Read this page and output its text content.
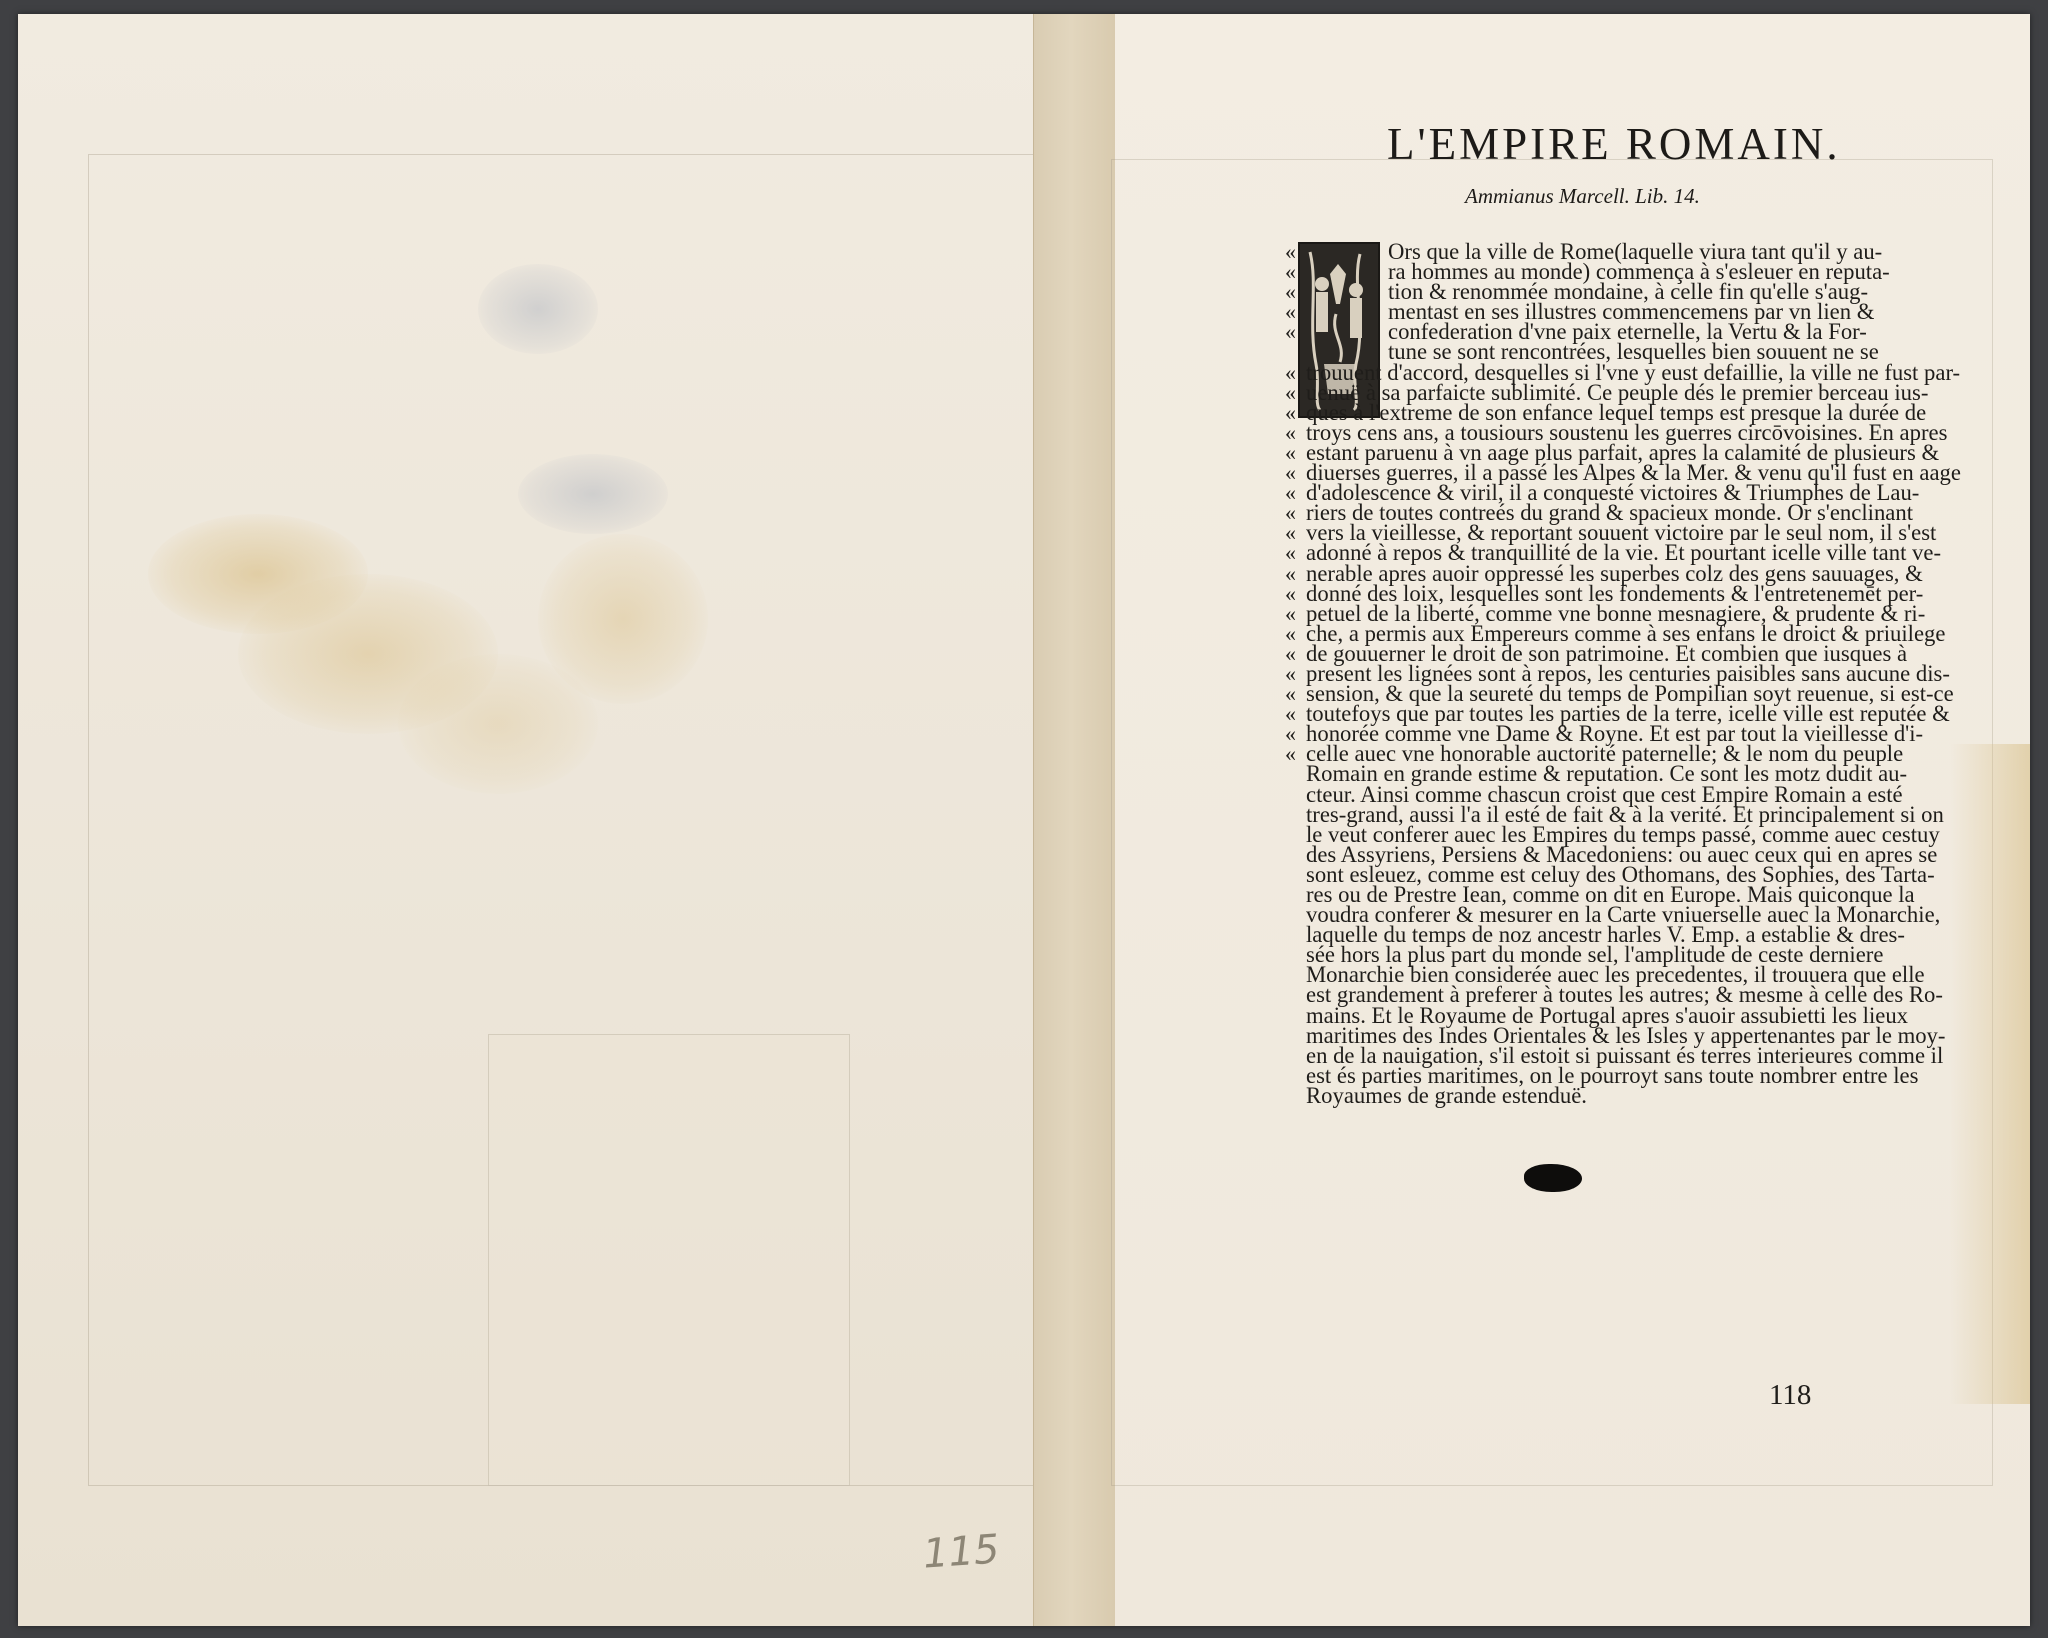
115
L'EMPIRE ROMAIN.
Ammianus Marcell. Lib. 14.
«
«
«
«
«
«
«
«
«
«
«
«
«
«
«
«
«
«
«
«
«
«
«
«
«
Ors que la ville de Rome(laquelle viura tant qu'il y au-
ra hommes au monde) commença à s'esleuer en reputa-
tion & renommée mondaine, à celle fin qu'elle s'aug-
mentast en ses illustres commencemens par vn lien &
confederation d'vne paix eternelle, la Vertu & la For-
tune se sont rencontrées, lesquelles bien souuent ne se
trouuent d'accord, desquelles si l'vne y eust defaillie, la ville ne fust par-
uenuë à sa parfaicte sublimité. Ce peuple dés le premier berceau ius-
ques à l'extreme de son enfance lequel temps est presque la durée de
troys cens ans, a tousiours soustenu les guerres circōvoisines. En apres
estant paruenu à vn aage plus parfait, apres la calamité de plusieurs &
diuerses guerres, il a passé les Alpes & la Mer. & venu qu'il fust en aage
d'adolescence & viril, il a conquesté victoires & Triumphes de Lau-
riers de toutes contreés du grand & spacieux monde. Or s'enclinant
vers la vieillesse, & reportant souuent victoire par le seul nom, il s'est
adonné à repos & tranquillité de la vie. Et pourtant icelle ville tant ve-
nerable apres auoir oppressé les superbes colz des gens sauuages, &
donné des loix, lesquelles sont les fondements & l'entretenemēt per-
petuel de la liberté, comme vne bonne mesnagiere, & prudente & ri-
che, a permis aux Empereurs comme à ses enfans le droict & priuilege
de gouuerner le droit de son patrimoine. Et combien que iusques à
present les lignées sont à repos, les centuries paisibles sans aucune dis-
sension, & que la seureté du temps de Pompilian soyt reuenue, si est-ce
toutefoys que par toutes les parties de la terre, icelle ville est reputée &
honorée comme vne Dame & Royne. Et est par tout la vieillesse d'i-
celle auec vne honorable auctorité paternelle; & le nom du peuple
Romain en grande estime & reputation. Ce sont les motz dudit au-
cteur. Ainsi comme chascun croist que cest Empire Romain a esté
tres-grand, aussi l'a il esté de fait & à la verité. Et principalement si on
le veut conferer auec les Empires du temps passé, comme auec cestuy
des Assyriens, Persiens & Macedoniens: ou auec ceux qui en apres se
sont esleuez, comme est celuy des Othomans, des Sophies, des Tarta-
res ou de Prestre Iean, comme on dit en Europe. Mais quiconque la
voudra conferer & mesurer en la Carte vniuerselle auec la Monarchie,
laquelle du temps de noz ancestr harles V. Emp. a establie & dres-
sée hors la plus part du monde sel, l'amplitude de ceste derniere
Monarchie bien considerée auec les precedentes, il trouuera que elle
est grandement à preferer à toutes les autres; & mesme à celle des Ro-
mains. Et le Royaume de Portugal apres s'auoir assubietti les lieux
maritimes des Indes Orientales & les Isles y appertenantes par le moy-
en de la nauigation, s'il estoit si puissant és terres interieures comme il
est és parties maritimes, on le pourroyt sans toute nombrer entre les
Royaumes de grande estenduë.
118
